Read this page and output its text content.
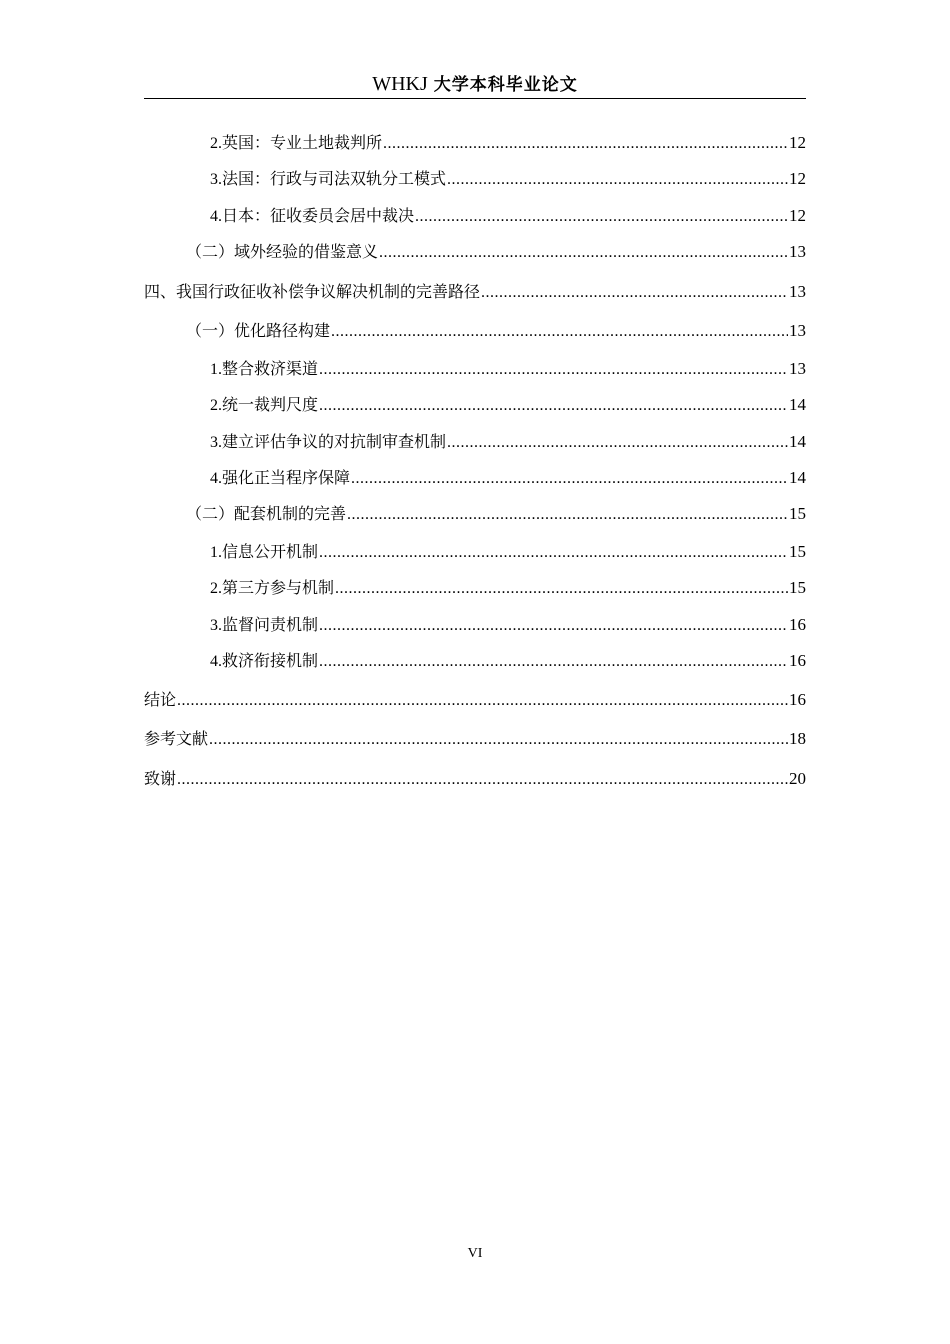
WHKJ 大学本科毕业论文
2. 英国：专业土地裁判所 .....	12
3. 法国：行政与司法双轨分工模式 .....	12
4. 日本：征收委员会居中裁决 .....	12
（二）域外经验的借鉴意义 .....	13
四、我国行政征收补偿争议解决机制的完善路径 .....	13
（一）优化路径构建 .....	13
1. 整合救济渠道 .....	13
2. 统一裁判尺度 .....	14
3. 建立评估争议的对抗制审查机制 .....	14
4. 强化正当程序保障 .....	14
（二）配套机制的完善 .....	15
1. 信息公开机制 .....	15
2. 第三方参与机制 .....	15
3. 监督问责机制 .....	16
4. 救济衔接机制 .....	16
结论 .....	16
参考文献 .....	18
致谢 .....	20
VI
